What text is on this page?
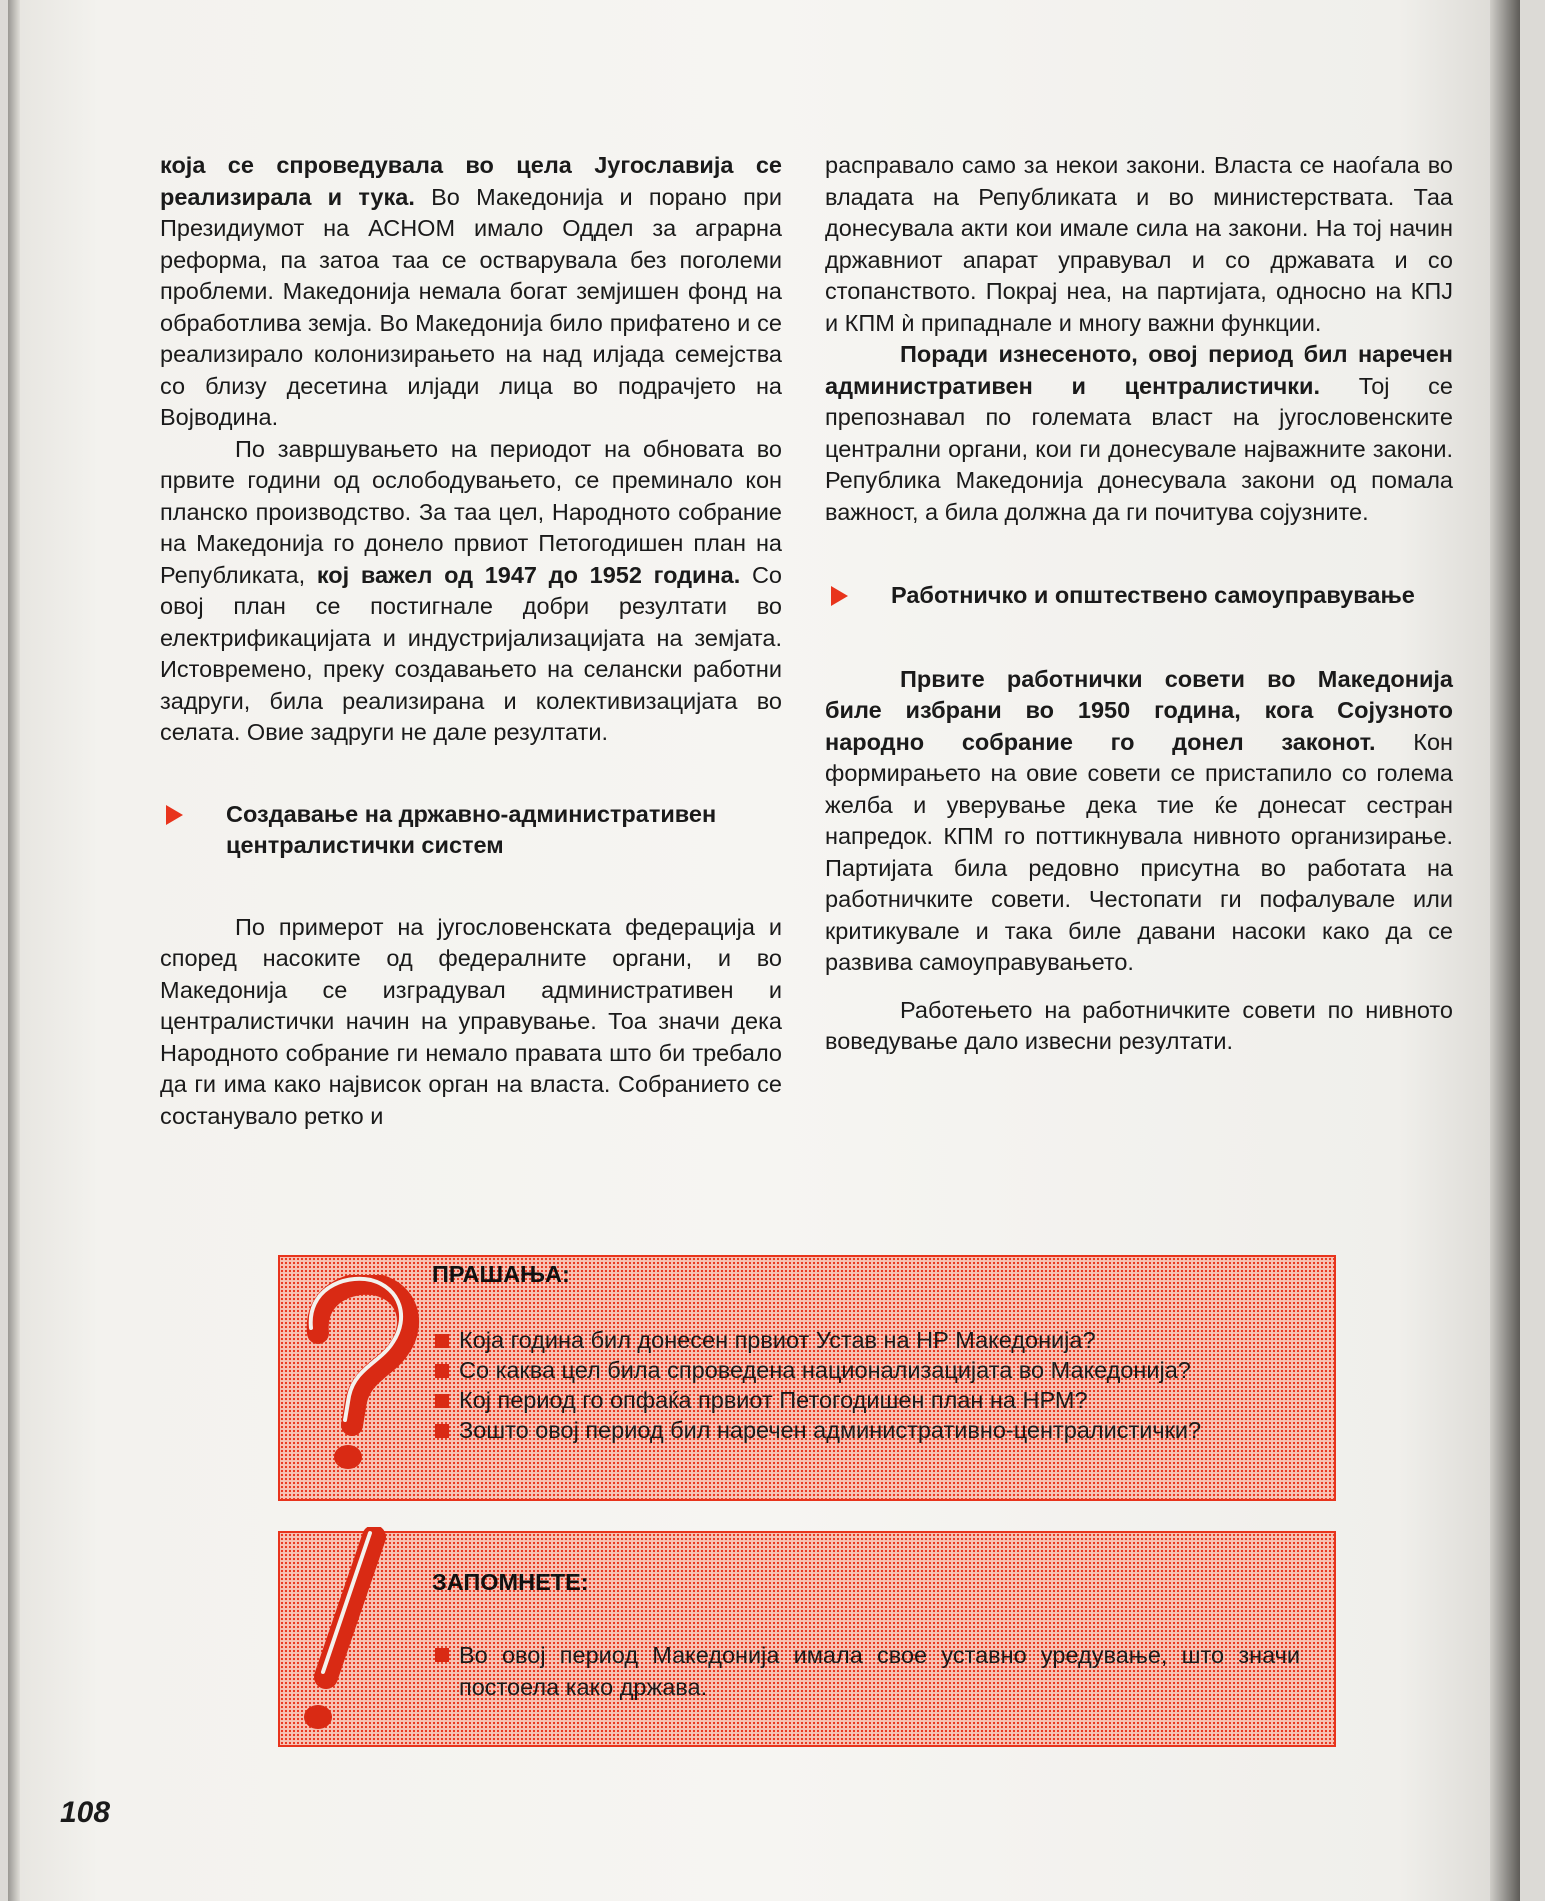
која се спроведувала во цела Југославија се реализирала и тука. Во Македонија и порано при Президиумот на АСНОМ имало Оддел за аграрна реформа, па затоа таа се остварувала без поголеми проблеми. Македонија немала богат земјишен фонд на обработлива земја. Во Македонија било прифатено и се реализирало колонизирањето на над илјада семејства со близу десетина илјади лица во подрачјето на Војводина.

По завршувањето на периодот на обновата во првите години од ослободувањето, се преминало кон планско производство. За таа цел, Народното собрание на Македонија го донело првиот Петогодишен план на Републиката, кој важел од 1947 до 1952 година. Со овој план се постигнале добри резултати во електрификацијата и индустријализацијата на земјата. Истовремено, преку создавањето на селански работни задруги, била реализирана и колективизацијата во селата. Овие задруги не дале резултати.

Создавање на државно-административен централистички систем

По примерот на југословенската федерација и според насоките од федералните органи, и во Македонија се изградувал административен и централистички начин на управување. Тоа значи дека Народното собрание ги немало правата што би требало да ги има како највисок орган на власта. Собранието се состанувало ретко и

расправало само за некои закони. Власта се наоѓала во владата на Републиката и во министерствата. Таа донесувала акти кои имале сила на закони. На тој начин државниот апарат управувал и со државата и со стопанството. Покрај неа, на партијата, односно на КПЈ и КПМ ѝ припаднале и многу важни функции.

Поради изнесеното, овој период бил наречен административен и централистички. Тој се препознавал по големата власт на југословенските централни органи, кои ги донесувале најважните закони. Република Македонија донесувала закони од помала важност, а била должна да ги почитува сојузните.

Работничко и општествено самоуправување

Првите работнички совети во Македонија биле избрани во 1950 година, кога Сојузното народно собрание го донел законот. Кон формирањето на овие совети се пристапило со голема желба и уверување дека тие ќе донесат сестран напредок. КПМ го поттикнувала нивното организирање. Партијата била редовно присутна во работата на работничките совети. Честопати ги пофалувале или критикувале и така биле давани насоки како да се развива самоуправувањето.

Работењето на работничките совети по нивното воведување дало извесни резултати.

ПРАШАЊА:
Која година бил донесен првиот Устав на НР Македонија?
Со каква цел била спроведена национализацијата во Македонија?
Кој период го опфаќа првиот Петогодишен план на НРМ?
Зошто овој период бил наречен административно-централистички?
ЗАПОМНЕТЕ:
Во овој период Македонија имала свое уставно уредување, што значи постоела како држава.
108
